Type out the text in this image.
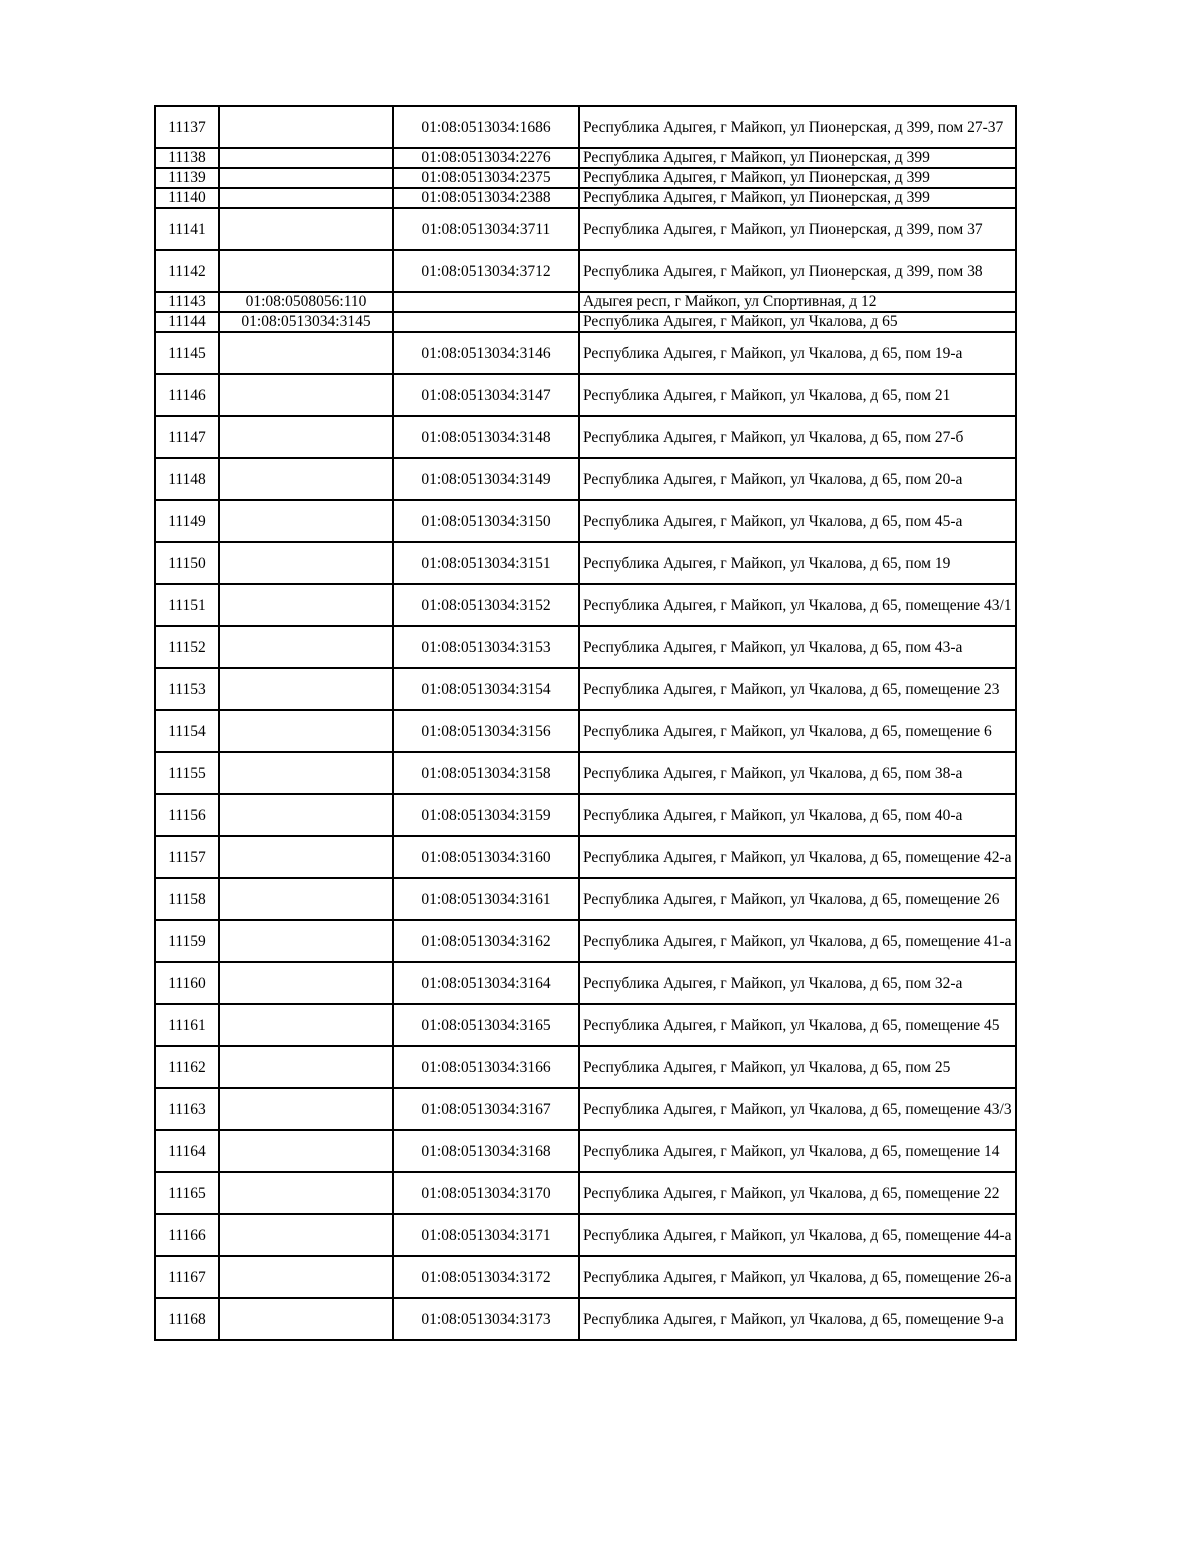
11137		01:08:0513034:1686	Республика Адыгея, г Майкоп, ул Пионерская, д 399, пом 27-37
11138		01:08:0513034:2276	Республика Адыгея, г Майкоп, ул Пионерская, д 399
11139		01:08:0513034:2375	Республика Адыгея, г Майкоп, ул Пионерская, д 399
11140		01:08:0513034:2388	Республика Адыгея, г Майкоп, ул Пионерская, д 399
11141		01:08:0513034:3711	Республика Адыгея, г Майкоп, ул Пионерская, д 399, пом 37
11142		01:08:0513034:3712	Республика Адыгея, г Майкоп, ул Пионерская, д 399, пом 38
11143	01:08:0508056:110		Адыгея респ, г Майкоп, ул Спортивная, д 12
11144	01:08:0513034:3145		Республика Адыгея, г Майкоп, ул Чкалова, д 65
11145		01:08:0513034:3146	Республика Адыгея, г Майкоп, ул Чкалова, д 65, пом 19-а
11146		01:08:0513034:3147	Республика Адыгея, г Майкоп, ул Чкалова, д 65, пом 21
11147		01:08:0513034:3148	Республика Адыгея, г Майкоп, ул Чкалова, д 65, пом 27-б
11148		01:08:0513034:3149	Республика Адыгея, г Майкоп, ул Чкалова, д 65, пом 20-а
11149		01:08:0513034:3150	Республика Адыгея, г Майкоп, ул Чкалова, д 65, пом 45-а
11150		01:08:0513034:3151	Республика Адыгея, г Майкоп, ул Чкалова, д 65, пом 19
11151		01:08:0513034:3152	Республика Адыгея, г Майкоп, ул Чкалова, д 65, помещение 43/1
11152		01:08:0513034:3153	Республика Адыгея, г Майкоп, ул Чкалова, д 65, пом 43-а
11153		01:08:0513034:3154	Республика Адыгея, г Майкоп, ул Чкалова, д 65, помещение 23
11154		01:08:0513034:3156	Республика Адыгея, г Майкоп, ул Чкалова, д 65, помещение 6
11155		01:08:0513034:3158	Республика Адыгея, г Майкоп, ул Чкалова, д 65, пом 38-а
11156		01:08:0513034:3159	Республика Адыгея, г Майкоп, ул Чкалова, д 65, пом 40-а
11157		01:08:0513034:3160	Республика Адыгея, г Майкоп, ул Чкалова, д 65, помещение 42-а
11158		01:08:0513034:3161	Республика Адыгея, г Майкоп, ул Чкалова, д 65, помещение 26
11159		01:08:0513034:3162	Республика Адыгея, г Майкоп, ул Чкалова, д 65, помещение 41-а
11160		01:08:0513034:3164	Республика Адыгея, г Майкоп, ул Чкалова, д 65, пом 32-а
11161		01:08:0513034:3165	Республика Адыгея, г Майкоп, ул Чкалова, д 65, помещение 45
11162		01:08:0513034:3166	Республика Адыгея, г Майкоп, ул Чкалова, д 65, пом 25
11163		01:08:0513034:3167	Республика Адыгея, г Майкоп, ул Чкалова, д 65, помещение 43/3
11164		01:08:0513034:3168	Республика Адыгея, г Майкоп, ул Чкалова, д 65, помещение 14
11165		01:08:0513034:3170	Республика Адыгея, г Майкоп, ул Чкалова, д 65, помещение 22
11166		01:08:0513034:3171	Республика Адыгея, г Майкоп, ул Чкалова, д 65, помещение 44-а
11167		01:08:0513034:3172	Республика Адыгея, г Майкоп, ул Чкалова, д 65, помещение 26-а
11168		01:08:0513034:3173	Республика Адыгея, г Майкоп, ул Чкалова, д 65, помещение 9-а
